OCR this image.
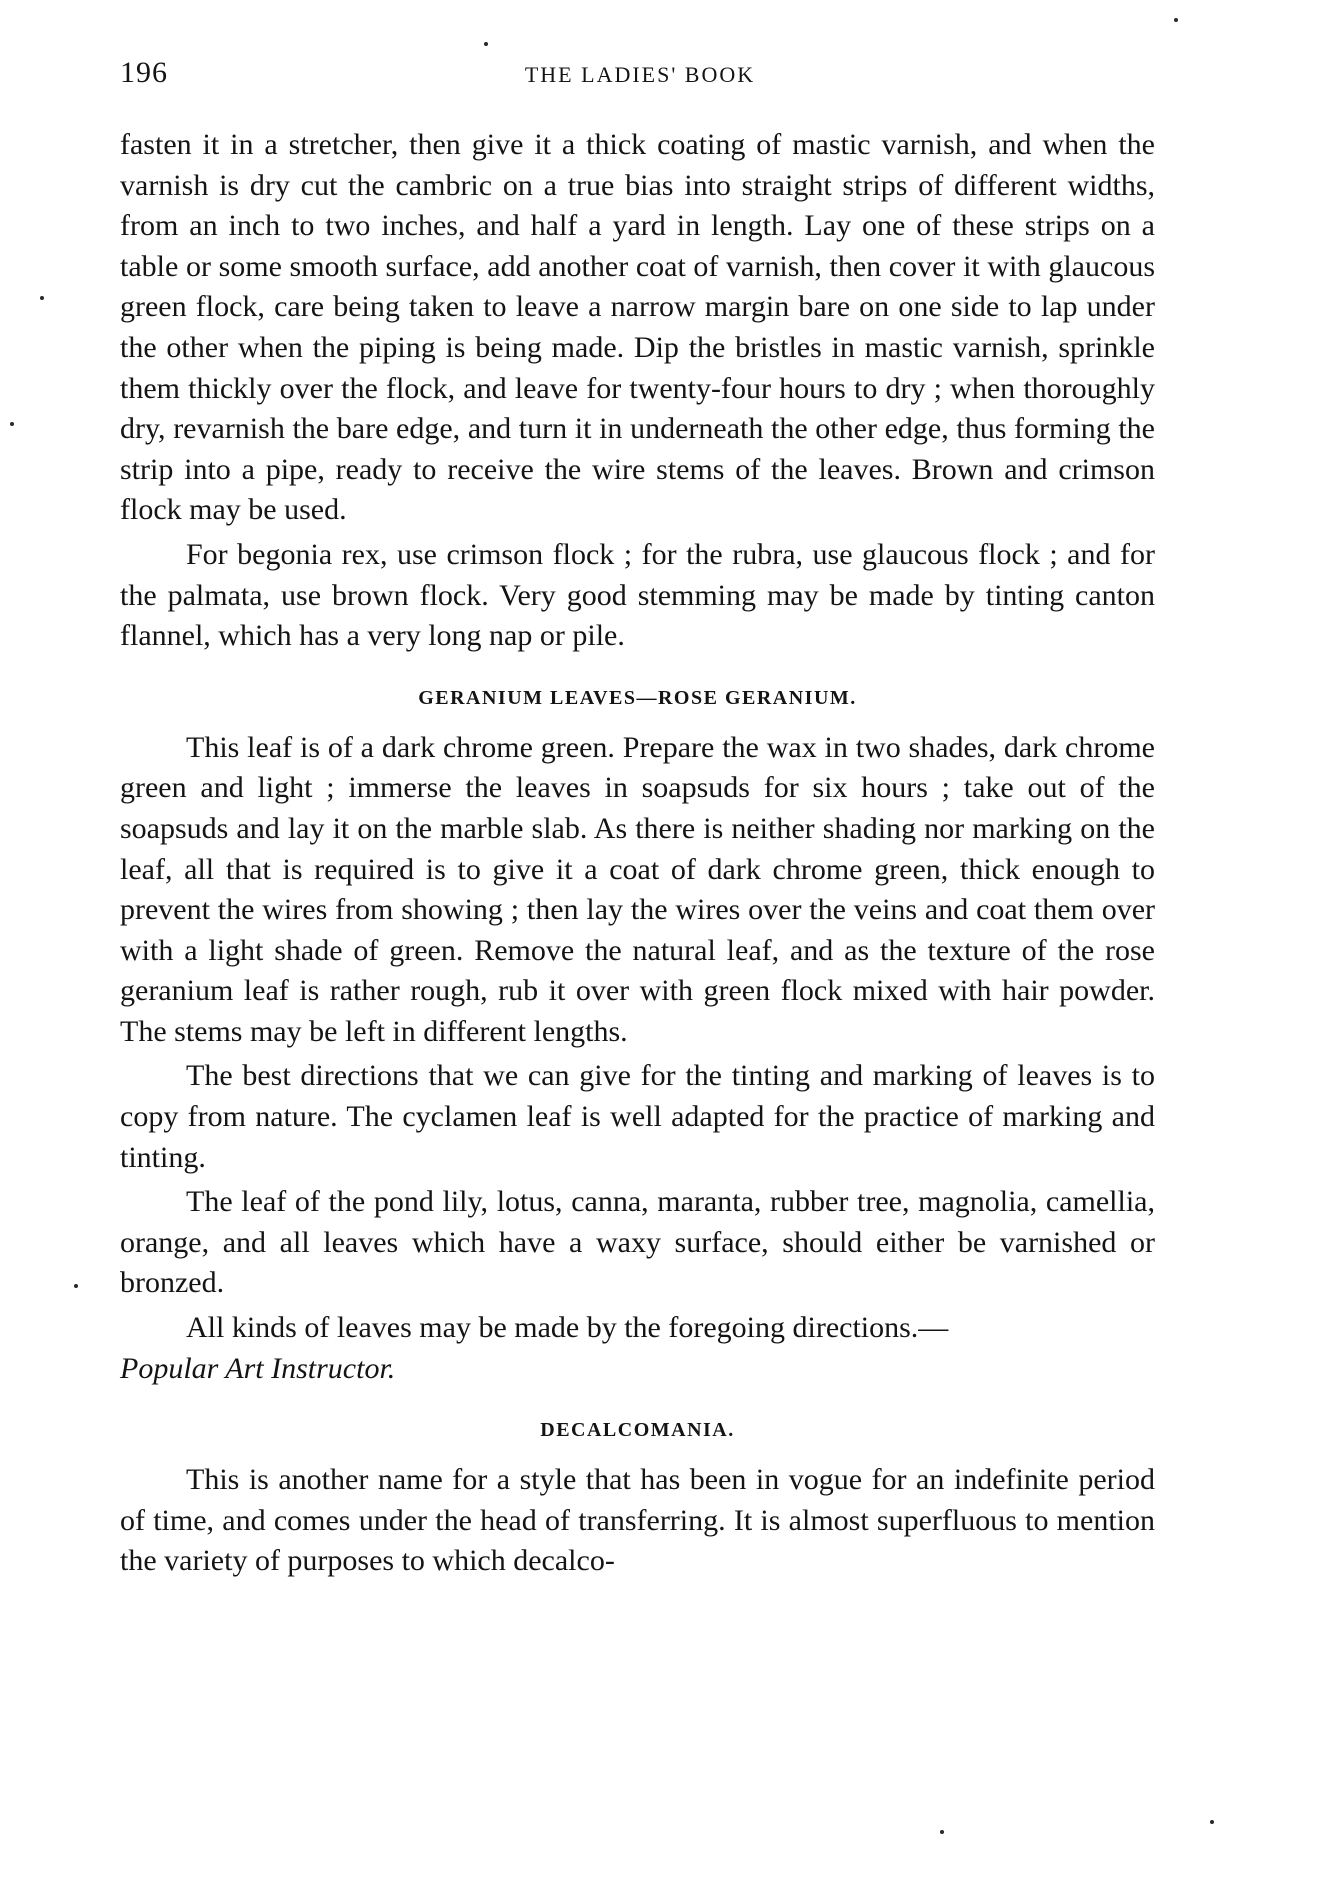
196	THE LADIES' BOOK

fasten it in a stretcher, then give it a thick coating of mastic varnish, and when the varnish is dry cut the cambric on a true bias into straight strips of different widths, from an inch to two inches, and half a yard in length. Lay one of these strips on a table or some smooth surface, add another coat of varnish, then cover it with glaucous green flock, care being taken to leave a narrow margin bare on one side to lap under the other when the piping is being made. Dip the bristles in mastic varnish, sprinkle them thickly over the flock, and leave for twenty-four hours to dry ; when thoroughly dry, revarnish the bare edge, and turn it in underneath the other edge, thus forming the strip into a pipe, ready to receive the wire stems of the leaves. Brown and crimson flock may be used.

For begonia rex, use crimson flock ; for the rubra, use glaucous flock ; and for the palmata, use brown flock. Very good stemming may be made by tinting canton flannel, which has a very long nap or pile.

GERANIUM LEAVES—ROSE GERANIUM.

This leaf is of a dark chrome green. Prepare the wax in two shades, dark chrome green and light ; immerse the leaves in soapsuds for six hours ; take out of the soapsuds and lay it on the marble slab. As there is neither shading nor marking on the leaf, all that is required is to give it a coat of dark chrome green, thick enough to prevent the wires from showing ; then lay the wires over the veins and coat them over with a light shade of green. Remove the natural leaf, and as the texture of the rose geranium leaf is rather rough, rub it over with green flock mixed with hair powder. The stems may be left in different lengths.

The best directions that we can give for the tinting and marking of leaves is to copy from nature. The cyclamen leaf is well adapted for the practice of marking and tinting.

The leaf of the pond lily, lotus, canna, maranta, rubber tree, magnolia, camellia, orange, and all leaves which have a waxy surface, should either be varnished or bronzed.

All kinds of leaves may be made by the foregoing directions.—
Popular Art Instructor.

DECALCOMANIA.

This is another name for a style that has been in vogue for an indefinite period of time, and comes under the head of transferring. It is almost superfluous to mention the variety of purposes to which decalco-
